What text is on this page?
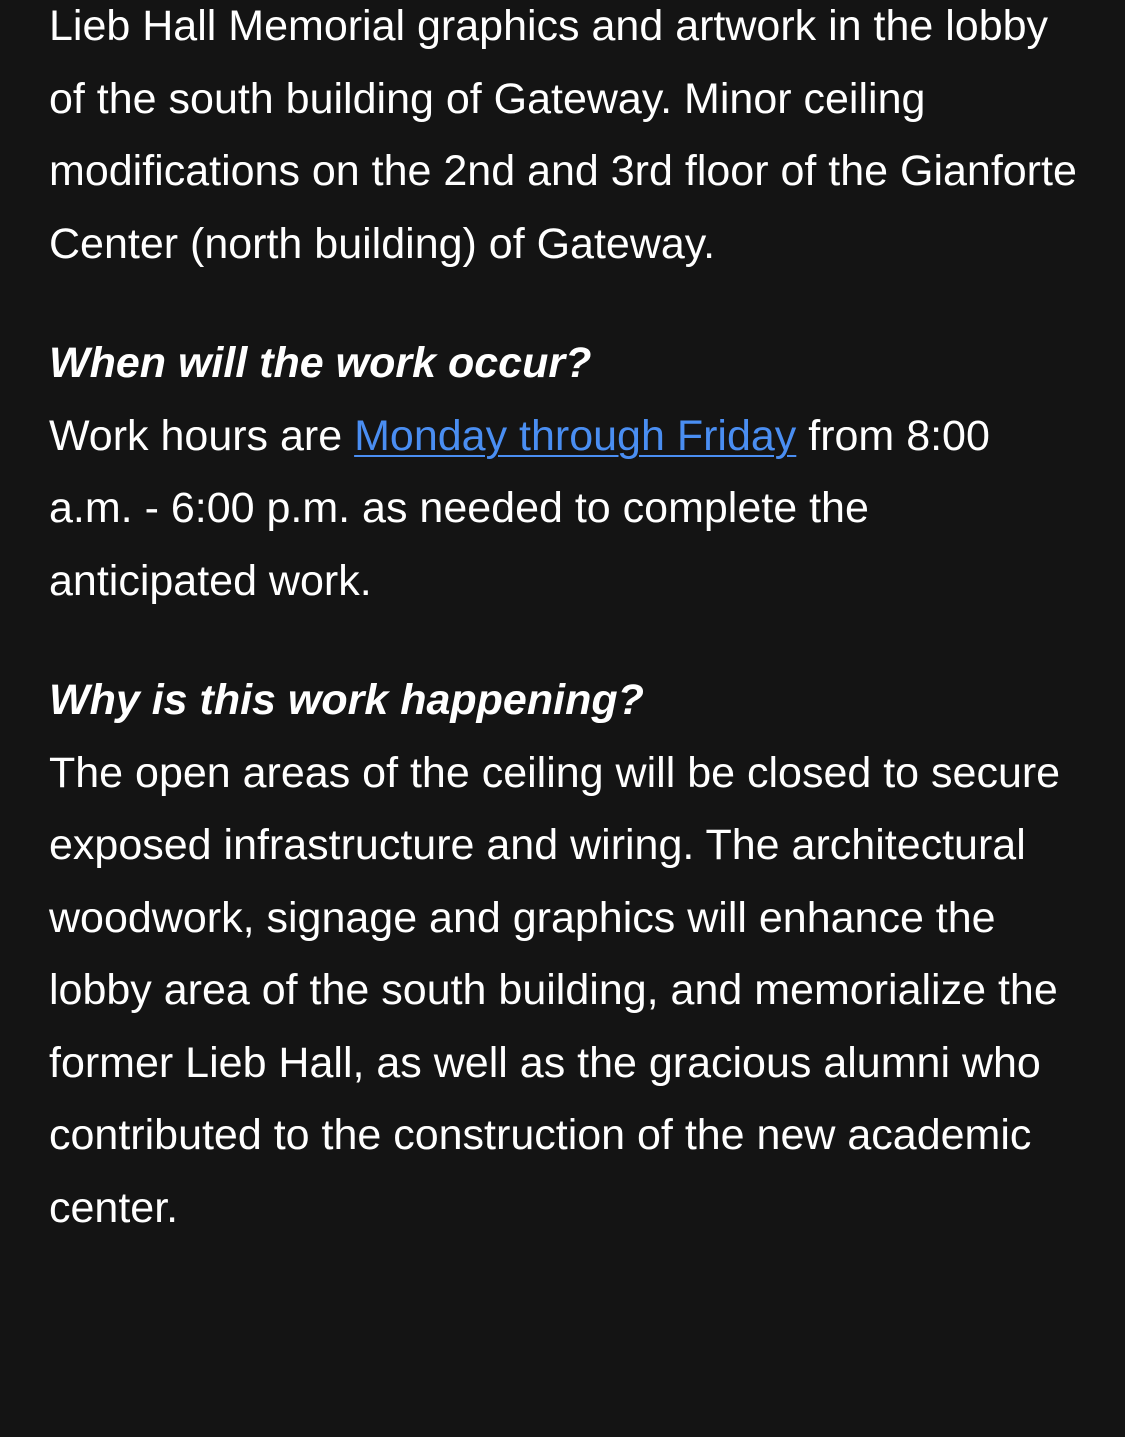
Lieb Hall Memorial graphics and artwork in the lobby of the south building of Gateway. Minor ceiling modifications on the 2nd and 3rd floor of the Gianforte Center (north building) of Gateway.

When will the work occur?

Work hours are Monday through Friday from 8:00 a.m. - 6:00 p.m. as needed to complete the anticipated work.

Why is this work happening?

The open areas of the ceiling will be closed to secure exposed infrastructure and wiring. The architectural woodwork, signage and graphics will enhance the lobby area of the south building, and memorialize the former Lieb Hall, as well as the gracious alumni who contributed to the construction of the new academic center.
